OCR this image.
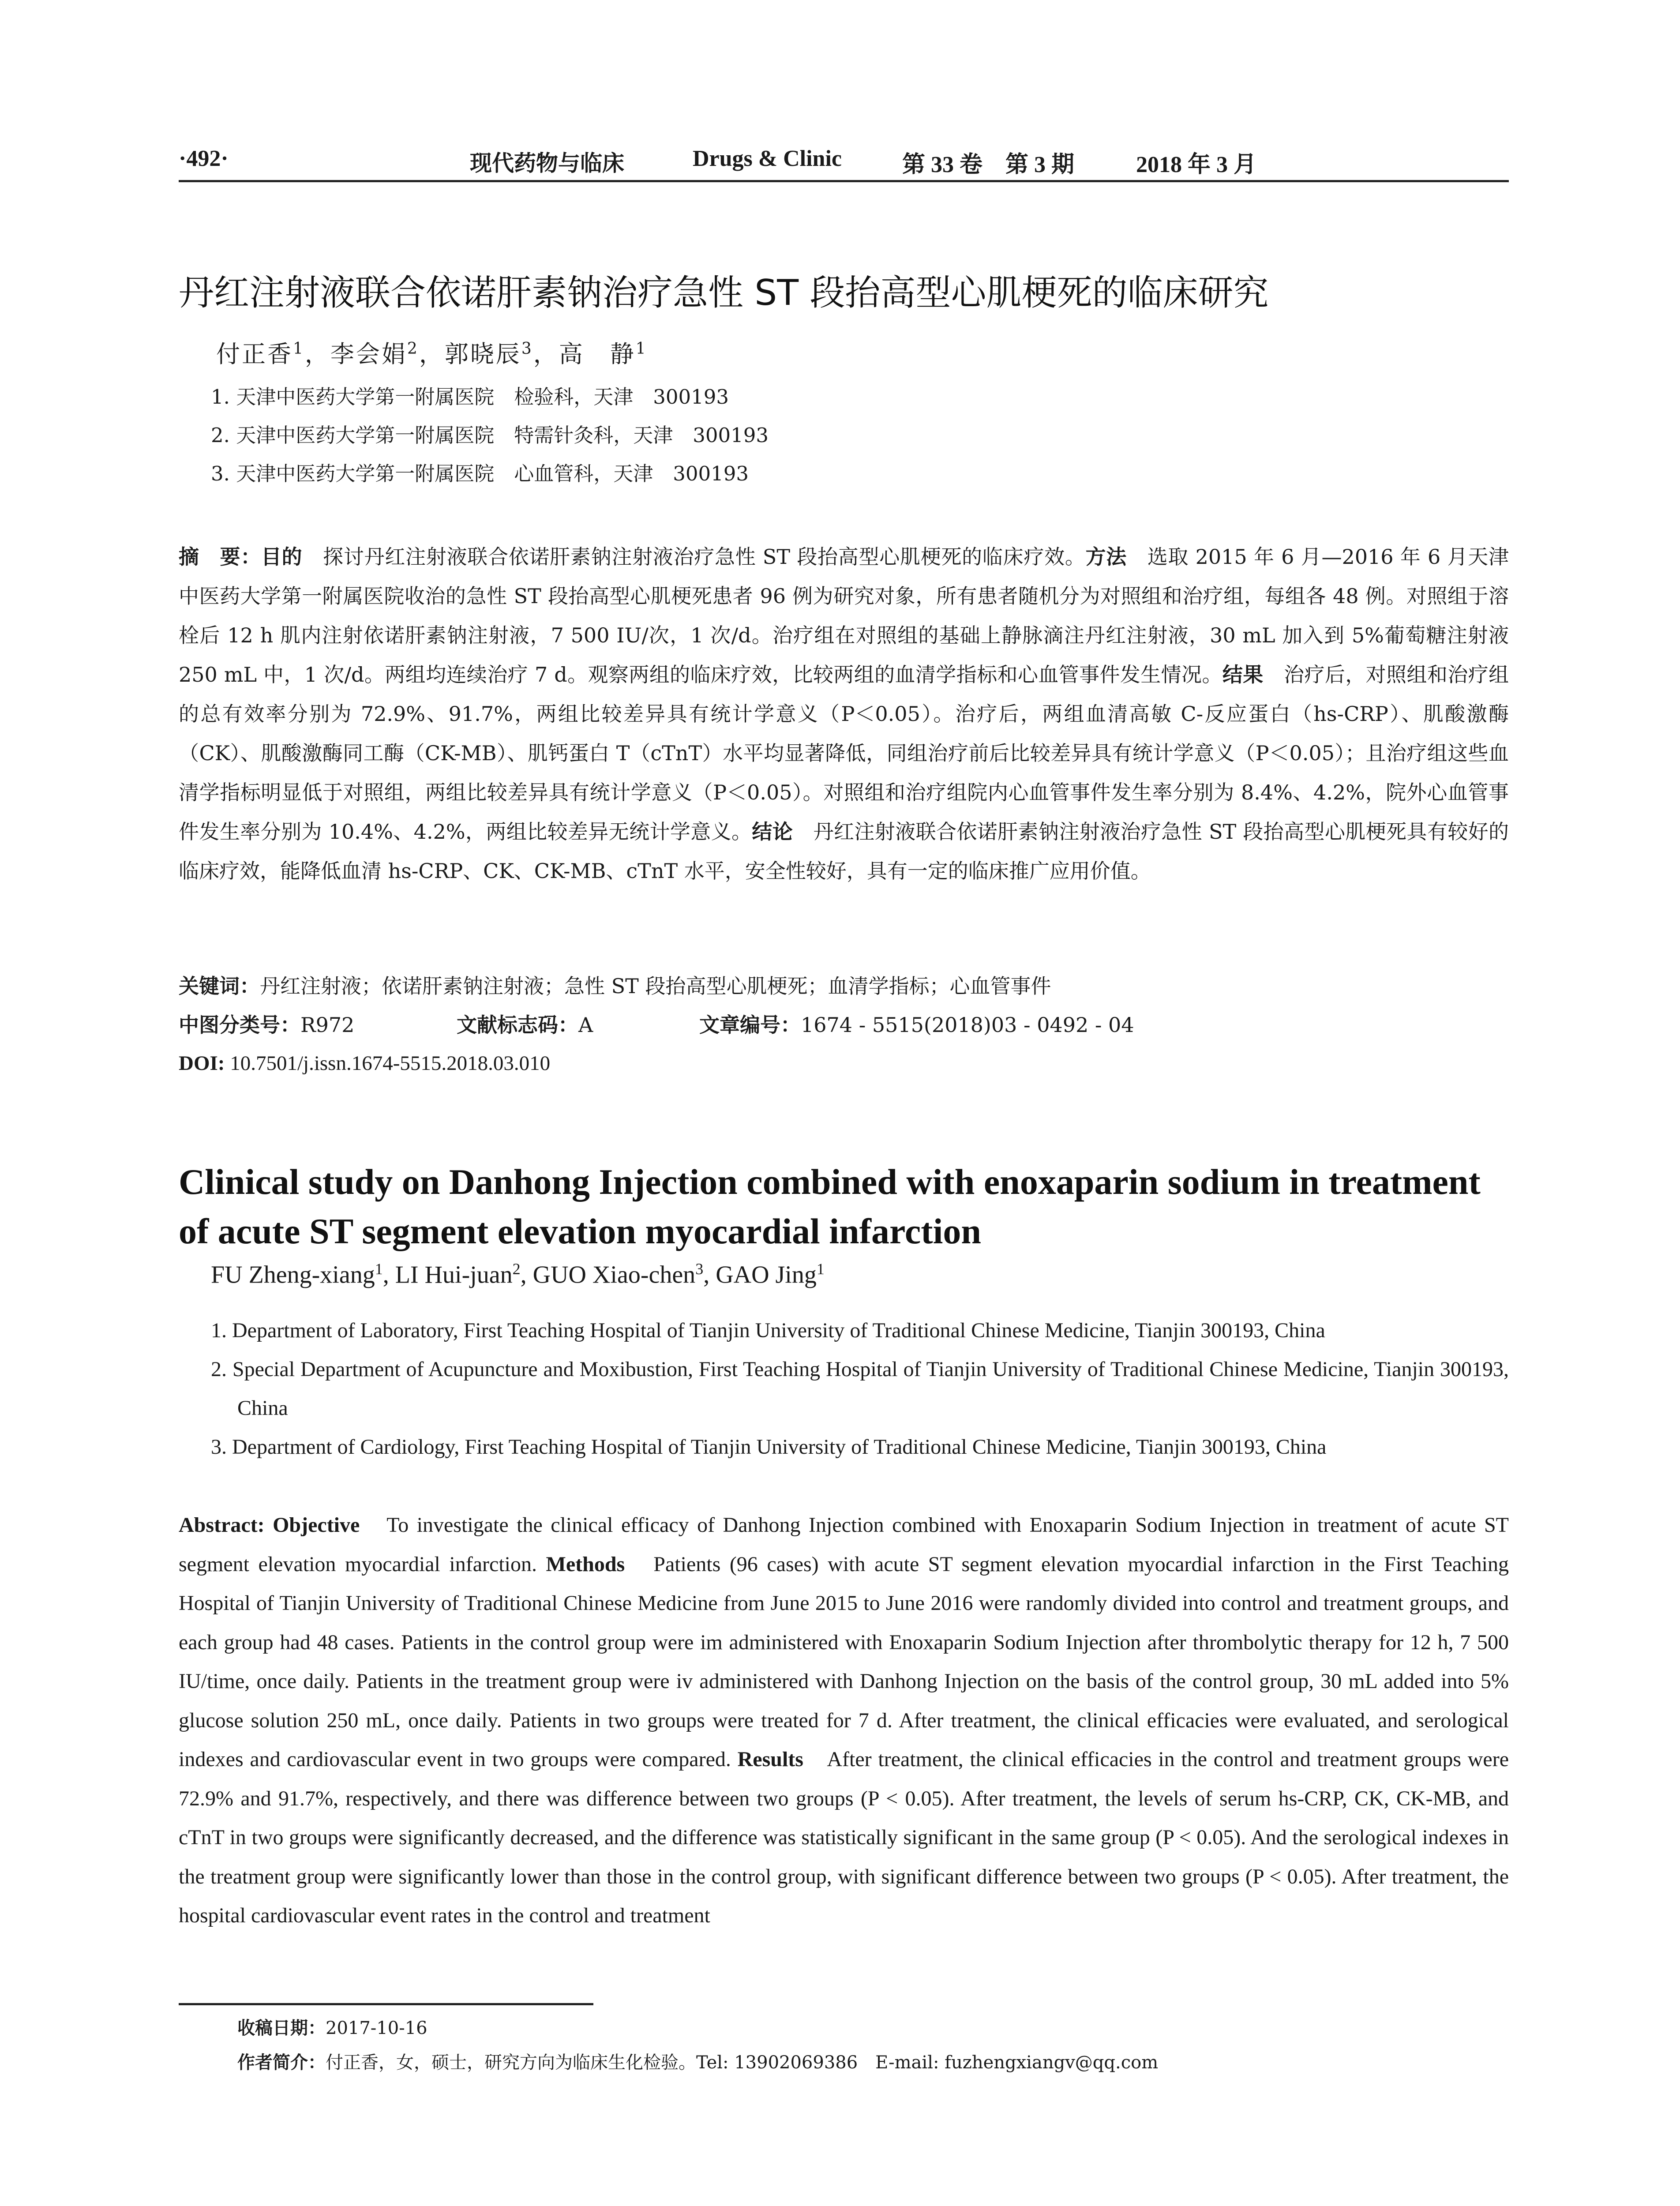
·492·	现代药物与临床	Drugs & Clinic	第 33 卷　第 3 期	2018 年 3 月
丹红注射液联合依诺肝素钠治疗急性 ST 段抬高型心肌梗死的临床研究
付正香$^1$，李会娟$^2$，郭晓辰$^3$，高　静$^1$
1. 天津中医药大学第一附属医院　检验科，天津　300193
2. 天津中医药大学第一附属医院　特需针灸科，天津　300193
3. 天津中医药大学第一附属医院　心血管科，天津　300193

摘　要：目的　 探讨丹红注射液联合依诺肝素钠注射液治疗急性 ST 段抬高型心肌梗死的临床疗效。方法　 选取 2015 年 6 月—2016 年 6 月天津中医药大学第一附属医院收治的急性 ST 段抬高型心肌梗死患者 96 例为研究对象，所有患者随机分为对照组和治疗组，每组各 48 例。对照组于溶栓后 12 h 肌内注射依诺肝素钠注射液，7 500 IU/次，1 次/d。治疗组在对照组的基础上静脉滴注丹红注射液，30 mL 加入到 5%葡萄糖注射液 250 mL 中，1 次/d。两组均连续治疗 7 d。观察两组的临床疗效，比较两组的血清学指标和心血管事件发生情况。结果　 治疗后，对照组和治疗组的总有效率分别为 72.9%、91.7%，两组比较差异具有统计学意义（P＜0.05）。治疗后，两组血清高敏 C-反应蛋白（hs-CRP）、肌酸激酶（CK）、肌酸激酶同工酶（CK-MB）、肌钙蛋白 T（cTnT）水平均显著降低，同组治疗前后比较差异具有统计学意义（P＜0.05）；且治疗组这些血清学指标明显低于对照组，两组比较差异具有统计学意义（P＜0.05）。对照组和治疗组院内心血管事件发生率分别为 8.4%、4.2%，院外心血管事件发生率分别为 10.4%、4.2%，两组比较差异无统计学意义。结论　 丹红注射液联合依诺肝素钠注射液治疗急性 ST 段抬高型心肌梗死具有较好的临床疗效，能降低血清 hs-CRP、CK、CK-MB、cTnT 水平，安全性较好，具有一定的临床推广应用价值。

关键词：丹红注射液；依诺肝素钠注射液；急性 ST 段抬高型心肌梗死；血清学指标；心血管事件
中图分类号：R972	文献标志码：A	文章编号：1674 - 5515(2018)03 - 0492 - 04
DOI: 10.7501/j.issn.1674-5515.2018.03.010
Clinical study on Danhong Injection combined with enoxaparin sodium in treatment of acute ST segment elevation myocardial infarction
FU Zheng-xiang$^1$, LI Hui-juan$^2$, GUO Xiao-chen$^3$, GAO Jing$^1$
1. Department of Laboratory, First Teaching Hospital of Tianjin University of Traditional Chinese Medicine, Tianjin 300193, China
2. Special Department of Acupuncture and Moxibustion, First Teaching Hospital of Tianjin University of Traditional Chinese Medicine, Tianjin 300193, China
3. Department of Cardiology, First Teaching Hospital of Tianjin University of Traditional Chinese Medicine, Tianjin 300193, China

Abstract: Objective　 To investigate the clinical efficacy of Danhong Injection combined with Enoxaparin Sodium Injection in treatment of acute ST segment elevation myocardial infarction. Methods　 Patients (96 cases) with acute ST segment elevation myocardial infarction in the First Teaching Hospital of Tianjin University of Traditional Chinese Medicine from June 2015 to June 2016 were randomly divided into control and treatment groups, and each group had 48 cases. Patients in the control group were im administered with Enoxaparin Sodium Injection after thrombolytic therapy for 12 h, 7 500 IU/time, once daily. Patients in the treatment group were iv administered with Danhong Injection on the basis of the control group, 30 mL added into 5% glucose solution 250 mL, once daily. Patients in two groups were treated for 7 d. After treatment, the clinical efficacies were evaluated, and serological indexes and cardiovascular event in two groups were compared. Results　 After treatment, the clinical efficacies in the control and treatment groups were 72.9% and 91.7%, respectively, and there was difference between two groups (P < 0.05). After treatment, the levels of serum hs-CRP, CK, CK-MB, and cTnT in two groups were significantly decreased, and the difference was statistically significant in the same group (P < 0.05). And the serological indexes in the treatment group were significantly lower than those in the control group, with significant difference between two groups (P < 0.05). After treatment, the hospital cardiovascular event rates in the control and treatment

收稿日期：2017-10-16
作者简介：付正香，女，硕士，研究方向为临床生化检验。Tel: 13902069386　E-mail: fuzhengxiangv@qq.com
